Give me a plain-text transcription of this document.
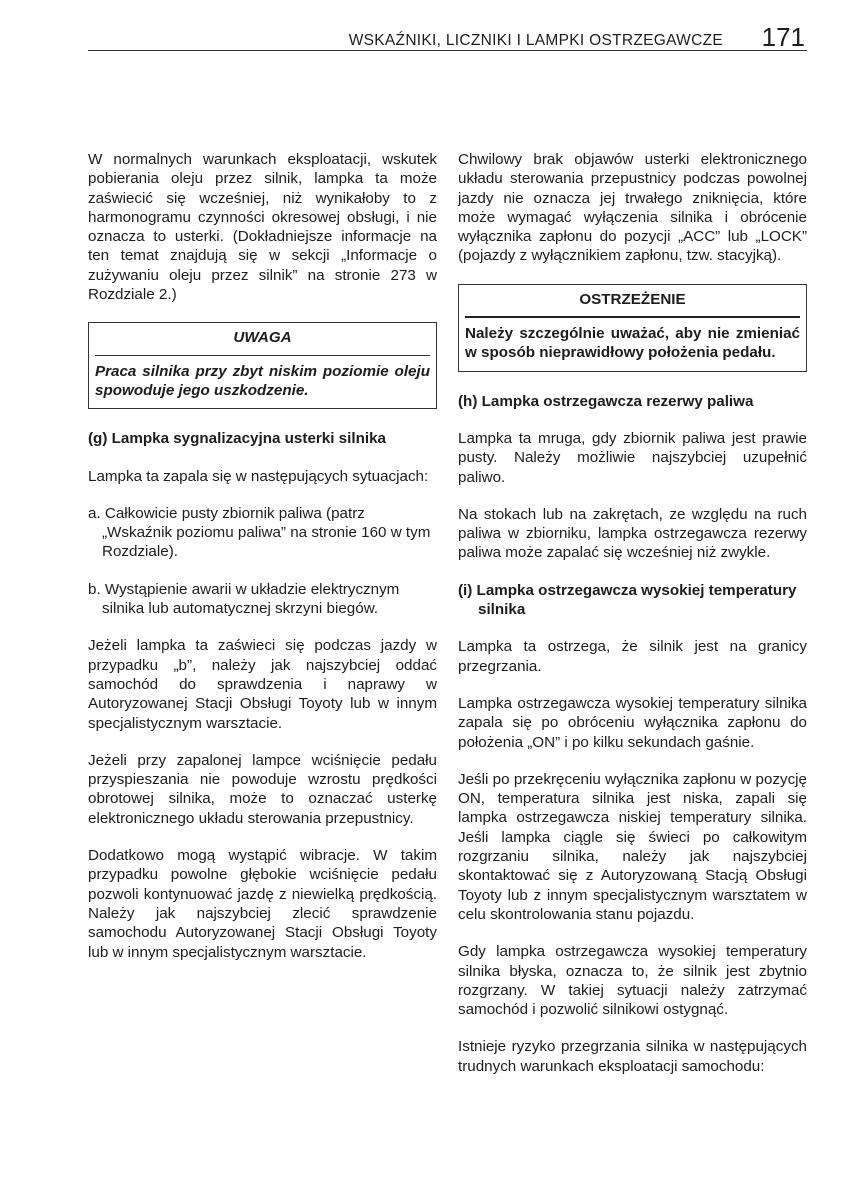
WSKAŹNIKI, LICZNIKI I LAMPKI OSTRZEGAWCZE 171

W normalnych warunkach eksploatacji, wskutek pobierania oleju przez silnik, lampka ta może zaświecić się wcześniej, niż wynikałoby to z harmonogramu czynności okresowej obsługi, i nie oznacza to usterki. (Dokładniejsze informacje na ten temat znajdują się w sekcji „Informacje o zużywaniu oleju przez silnik” na stronie 273 w Rozdziale 2.)

UWAGA
Praca silnika przy zbyt niskim poziomie oleju spowoduje jego uszkodzenie.
(g) Lampka sygnalizacyjna usterki silnika

Lampka ta zapala się w następujących sytuacjach:

a. Całkowicie pusty zbiornik paliwa (patrz „Wskaźnik poziomu paliwa” na stronie 160 w tym Rozdziale).
b. Wystąpienie awarii w układzie elektrycznym silnika lub automatycznej skrzyni biegów.

Jeżeli lampka ta zaświeci się podczas jazdy w przypadku „b”, należy jak najszybciej oddać samochód do sprawdzenia i naprawy w Autoryzowanej Stacji Obsługi Toyoty lub w innym specjalistycznym warsztacie.

Jeżeli przy zapalonej lampce wciśnięcie pedału przyspieszania nie powoduje wzrostu prędkości obrotowej silnika, może to oznaczać usterkę elektronicznego układu sterowania przepustnicy.

Dodatkowo mogą wystąpić wibracje. W takim przypadku powolne głębokie wciśnięcie pedału pozwoli kontynuować jazdę z niewielką prędkością. Należy jak najszybciej zlecić sprawdzenie samochodu Autoryzowanej Stacji Obsługi Toyoty lub w innym specjalistycznym warsztacie.

Chwilowy brak objawów usterki elektronicznego układu sterowania przepustnicy podczas powolnej jazdy nie oznacza jej trwałego zniknięcia, które może wymagać wyłączenia silnika i obrócenie wyłącznika zapłonu do pozycji „ACC” lub „LOCK” (pojazdy z wyłącznikiem zapłonu, tzw. stacyjką).

OSTRZEŻENIE
Należy szczególnie uważać, aby nie zmieniać w sposób nieprawidłowy położenia pedału.
(h) Lampka ostrzegawcza rezerwy paliwa

Lampka ta mruga, gdy zbiornik paliwa jest prawie pusty. Należy możliwie najszybciej uzupełnić paliwo.

Na stokach lub na zakrętach, ze względu na ruch paliwa w zbiorniku, lampka ostrzegawcza rezerwy paliwa może zapalać się wcześniej niż zwykle.

(i) Lampka ostrzegawcza wysokiej temperatury silnika

Lampka ta ostrzega, że silnik jest na granicy przegrzania.

Lampka ostrzegawcza wysokiej temperatury silnika zapala się po obróceniu wyłącznika zapłonu do położenia „ON” i po kilku sekundach gaśnie.

Jeśli po przekręceniu wyłącznika zapłonu w pozycję ON, temperatura silnika jest niska, zapali się lampka ostrzegawcza niskiej temperatury silnika. Jeśli lampka ciągle się świeci po całkowitym rozgrzaniu silnika, należy jak najszybciej skontaktować się z Autoryzowaną Stacją Obsługi Toyoty lub z innym specjalistycznym warsztatem w celu skontrolowania stanu pojazdu.

Gdy lampka ostrzegawcza wysokiej temperatury silnika błyska, oznacza to, że silnik jest zbytnio rozgrzany. W takiej sytuacji należy zatrzymać samochód i pozwolić silnikowi ostygnąć.

Istnieje ryzyko przegrzania silnika w następujących trudnych warunkach eksploatacji samochodu:
